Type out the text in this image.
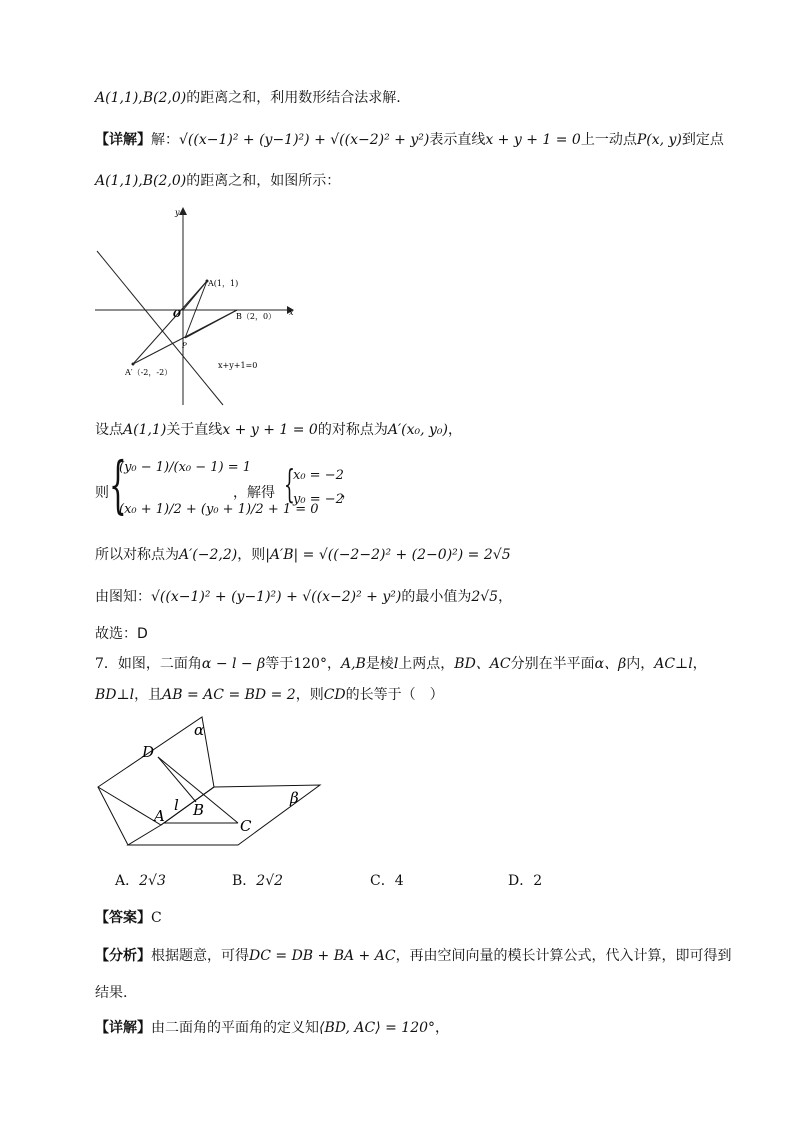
A(1,1),B(2,0)的距离之和，利用数形结合法求解.
【详解】解：√((x−1)² + (y−1)²) + √((x−2)² + y²)表示直线x + y + 1 = 0上一动点P(x, y)到定点
A(1,1),B(2,0)的距离之和，如图所示：
x
y
A(1，1)
O	B（2，0）
P
A′（-2，-2）
x+y+1=0
设点A(1,1)关于直线x + y + 1 = 0的对称点为A′(x₀, y₀)，
则 {
(y₀ − 1)/(x₀ − 1) = 1
(x₀ + 1)/2 + (y₀ + 1)/2 + 1 = 0
，解得 {
x₀ = −2
y₀ = −2
，
所以对称点为A′(−2,2)，则|A′B| = √((−2−2)² + (2−0)²) = 2√5
由图知：√((x−1)² + (y−1)²) + √((x−2)² + y²)的最小值为2√5，
故选：D
7．如图，二面角α − l − β等于120°，A,B是棱l上两点，BD、AC分别在半平面α、β内，AC⊥l，
BD⊥l，且AB = AC = BD = 2，则CD的长等于（　）
α
β
D
l B
A
C
A．2√3	B．2√2	C．4	D．2
【答案】C
【分析】根据题意，可得DC = DB + BA + AC，再由空间向量的模长计算公式，代入计算，即可得到
结果.
【详解】由二面角的平面角的定义知⟨BD, AC⟩ = 120°，
